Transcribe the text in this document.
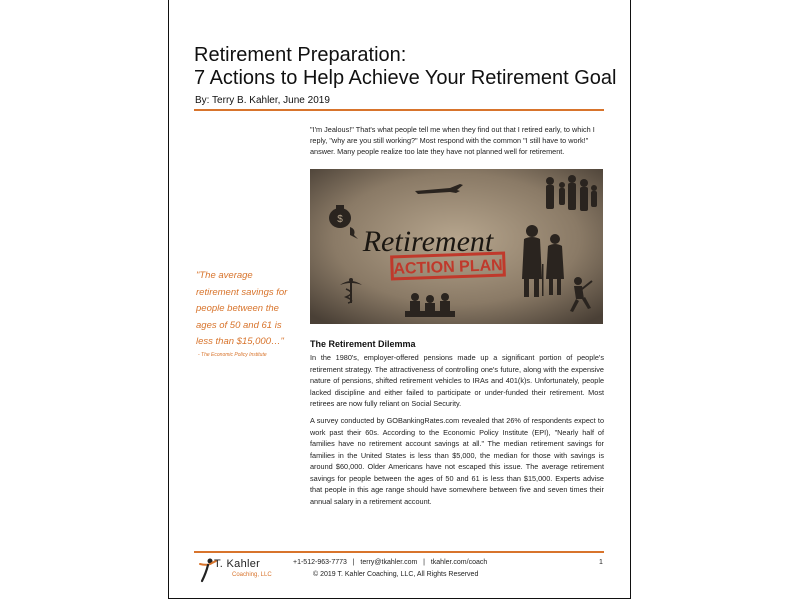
Retirement Preparation:
7 Actions to Help Achieve Your Retirement Goal
By: Terry B. Kahler, June 2019
"I'm Jealous!" That's what people tell me when they find out that I retired early, to which I reply, "why are you still working?" Most respond with the common "I still have to work!" answer. Many people realize too late they have not planned well for retirement.
$
Retirement
ACTION PLAN
"The average retirement savings for people between the ages of 50 and 61 is less than $15,000…"
- The Economic Policy Institute
The Retirement Dilemma
In the 1980's, employer-offered pensions made up a significant portion of people's retirement strategy. The attractiveness of controlling one's future, along with the expensive nature of pensions, shifted retirement vehicles to IRAs and 401(k)s. Unfortunately, people lacked discipline and either failed to participate or under-funded their retirement. Most retirees are now fully reliant on Social Security.
A survey conducted by GOBankingRates.com revealed that 26% of respondents expect to work past their 60s. According to the Economic Policy Institute (EPI), "Nearly half of families have no retirement account savings at all." The median retirement savings for families in the United States is less than $5,000, the median for those with savings is around $60,000. Older Americans have not escaped this issue. The average retirement savings for people between the ages of 50 and 61 is less than $15,000. Experts advise that people in this age range should have somewhere between five and seven times their annual salary in a retirement account.
T. Kahler
Coaching, LLC
+1-512-963-7773 | terry@tkahler.com | tkahler.com/coach
© 2019 T. Kahler Coaching, LLC, All Rights Reserved
1
